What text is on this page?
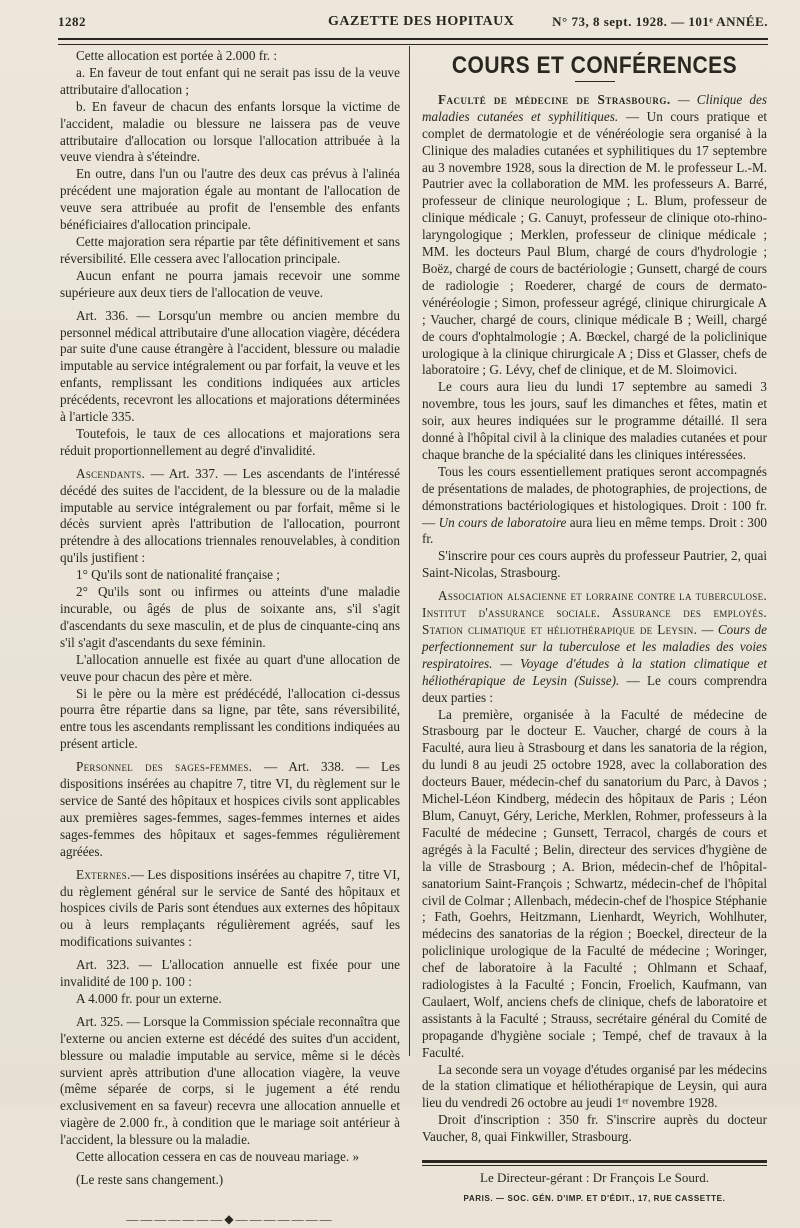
1282	GAZETTE DES HOPITAUX	N° 73, 8 sept. 1928. — 101ᵉ ANNÉE.

Cette allocation est portée à 2.000 fr. :

a. En faveur de tout enfant qui ne serait pas issu de la veuve attributaire d'allocation ;

b. En faveur de chacun des enfants lorsque la victime de l'accident, maladie ou blessure ne laissera pas de veuve attributaire d'allocation ou lorsque l'allocation attribuée à la veuve viendra à s'éteindre.

En outre, dans l'un ou l'autre des deux cas prévus à l'alinéa précédent une majoration égale au montant de l'allocation de veuve sera attribuée au profit de l'ensemble des enfants bénéficiaires d'allocation principale.

Cette majoration sera répartie par tête définitivement et sans réversibilité. Elle cessera avec l'allocation principale.

Aucun enfant ne pourra jamais recevoir une somme supérieure aux deux tiers de l'allocation de veuve.

Art. 336. — Lorsqu'un membre ou ancien membre du personnel médical attributaire d'une allocation viagère, décédera par suite d'une cause étrangère à l'accident, blessure ou maladie imputable au service intégralement ou par forfait, la veuve et les enfants, remplissant les conditions indiquées aux articles précédents, recevront les allocations et majorations déterminées à l'article 335.

Toutefois, le taux de ces allocations et majorations sera réduit proportionnellement au degré d'invalidité.

Ascendants. — Art. 337. — Les ascendants de l'intéressé décédé des suites de l'accident, de la blessure ou de la maladie imputable au service intégralement ou par forfait, même si le décès survient après l'attribution de l'allocation, pourront prétendre à des allocations triennales renouvelables, à condition qu'ils justifient :

1° Qu'ils sont de nationalité française ;

2° Qu'ils sont ou infirmes ou atteints d'une maladie incurable, ou âgés de plus de soixante ans, s'il s'agit d'ascendants du sexe masculin, et de plus de cinquante-cinq ans s'il s'agit d'ascendants du sexe féminin.

L'allocation annuelle est fixée au quart d'une allocation de veuve pour chacun des père et mère.

Si le père ou la mère est prédécédé, l'allocation ci-dessus pourra être répartie dans sa ligne, par tête, sans réversibilité, entre tous les ascendants remplissant les conditions indiquées au présent article.

Personnel des sages-femmes. — Art. 338. — Les dispositions insérées au chapitre 7, titre VI, du règlement sur le service de Santé des hôpitaux et hospices civils sont applicables aux premières sages-femmes, sages-femmes internes et aides sages-femmes des hôpitaux et sages-femmes régulièrement agréées.

Externes.— Les dispositions insérées au chapitre 7, titre VI, du règlement général sur le service de Santé des hôpitaux et hospices civils de Paris sont étendues aux externes des hôpitaux ou à leurs remplaçants régulièrement agréés, sauf les modifications suivantes :

Art. 323. — L'allocation annuelle est fixée pour une invalidité de 100 p. 100 :

A 4.000 fr. pour un externe.

Art. 325. — Lorsque la Commission spéciale reconnaîtra que l'externe ou ancien externe est décédé des suites d'un accident, blessure ou maladie imputable au service, même si le décès survient après attribution d'une allocation viagère, la veuve (même séparée de corps, si le jugement a été rendu exclusivement en sa faveur) recevra une allocation annuelle et viagère de 2.000 fr., à condition que le mariage soit antérieur à l'accident, la blessure ou la maladie.

Cette allocation cessera en cas de nouveau mariage. »

(Le reste sans changement.)

———————◆———————
COURS ET CONFÉRENCES

Faculté de médecine de Strasbourg. — Clinique des maladies cutanées et syphilitiques. — Un cours pratique et complet de dermatologie et de vénéréologie sera organisé à la Clinique des maladies cutanées et syphilitiques du 17 septembre au 3 novembre 1928, sous la direction de M. le professeur L.-M. Pautrier avec la collaboration de MM. les professeurs A. Barré, professeur de clinique neurologique ; L. Blum, professeur de clinique médicale ; G. Canuyt, professeur de clinique oto-rhino-laryngologique ; Merklen, professeur de clinique médicale ; MM. les docteurs Paul Blum, chargé de cours d'hydrologie ; Boëz, chargé de cours de bactériologie ; Gunsett, chargé de cours de radiologie ; Roederer, chargé de cours de dermato-vénéréologie ; Simon, professeur agrégé, clinique chirurgicale A ; Vaucher, chargé de cours, clinique médicale B ; Weill, chargé de cours d'ophtalmologie ; A. Bœckel, chargé de la policlinique urologique à la clinique chirurgicale A ; Diss et Glasser, chefs de laboratoire ; G. Lévy, chef de clinique, et de M. Sloimovici.

Le cours aura lieu du lundi 17 septembre au samedi 3 novembre, tous les jours, sauf les dimanches et fêtes, matin et soir, aux heures indiquées sur le programme détaillé. Il sera donné à l'hôpital civil à la clinique des maladies cutanées et pour chaque branche de la spécialité dans les cliniques intéressées.

Tous les cours essentiellement pratiques seront accompagnés de présentations de malades, de photographies, de projections, de démonstrations bactériologiques et histologiques. Droit : 100 fr. — Un cours de laboratoire aura lieu en même temps. Droit : 300 fr.

S'inscrire pour ces cours auprès du professeur Pautrier, 2, quai Saint-Nicolas, Strasbourg.

Association alsacienne et lorraine contre la tuberculose. Institut d'assurance sociale. Assurance des employés. Station climatique et héliothérapique de Leysin. — Cours de perfectionnement sur la tuberculose et les maladies des voies respiratoires. — Voyage d'études à la station climatique et héliothérapique de Leysin (Suisse). — Le cours comprendra deux parties :

La première, organisée à la Faculté de médecine de Strasbourg par le docteur E. Vaucher, chargé de cours à la Faculté, aura lieu à Strasbourg et dans les sanatoria de la région, du lundi 8 au jeudi 25 octobre 1928, avec la collaboration des docteurs Bauer, médecin-chef du sanatorium du Parc, à Davos ; Michel-Léon Kindberg, médecin des hôpitaux de Paris ; Léon Blum, Canuyt, Géry, Leriche, Merklen, Rohmer, professeurs à la Faculté de médecine ; Gunsett, Terracol, chargés de cours et agrégés à la Faculté ; Belin, directeur des services d'hygiène de la ville de Strasbourg ; A. Brion, médecin-chef de l'hôpital-sanatorium Saint-François ; Schwartz, médecin-chef de l'hôpital civil de Colmar ; Allenbach, médecin-chef de l'hospice Stéphanie ; Fath, Goehrs, Heitzmann, Lienhardt, Weyrich, Wohlhuter, médecins des sanatorias de la région ; Boeckel, directeur de la policlinique urologique de la Faculté de médecine ; Woringer, chef de laboratoire à la Faculté ; Ohlmann et Schaaf, radiologistes à la Faculté ; Foncin, Froelich, Kaufmann, van Caulaert, Wolf, anciens chefs de clinique, chefs de laboratoire et assistants à la Faculté ; Strauss, secrétaire général du Comité de propagande d'hygiène sociale ; Tempé, chef de travaux à la Faculté.

La seconde sera un voyage d'études organisé par les médecins de la station climatique et héliothérapique de Leysin, qui aura lieu du vendredi 26 octobre au jeudi 1ᵉʳ novembre 1928.

Droit d'inscription : 350 fr. S'inscrire auprès du docteur Vaucher, 8, quai Finkwiller, Strasbourg.

Le Directeur-gérant : Dr François Le Sourd.
PARIS. — SOC. GÉN. D'IMP. ET D'ÉDIT., 17, RUE CASSETTE.
